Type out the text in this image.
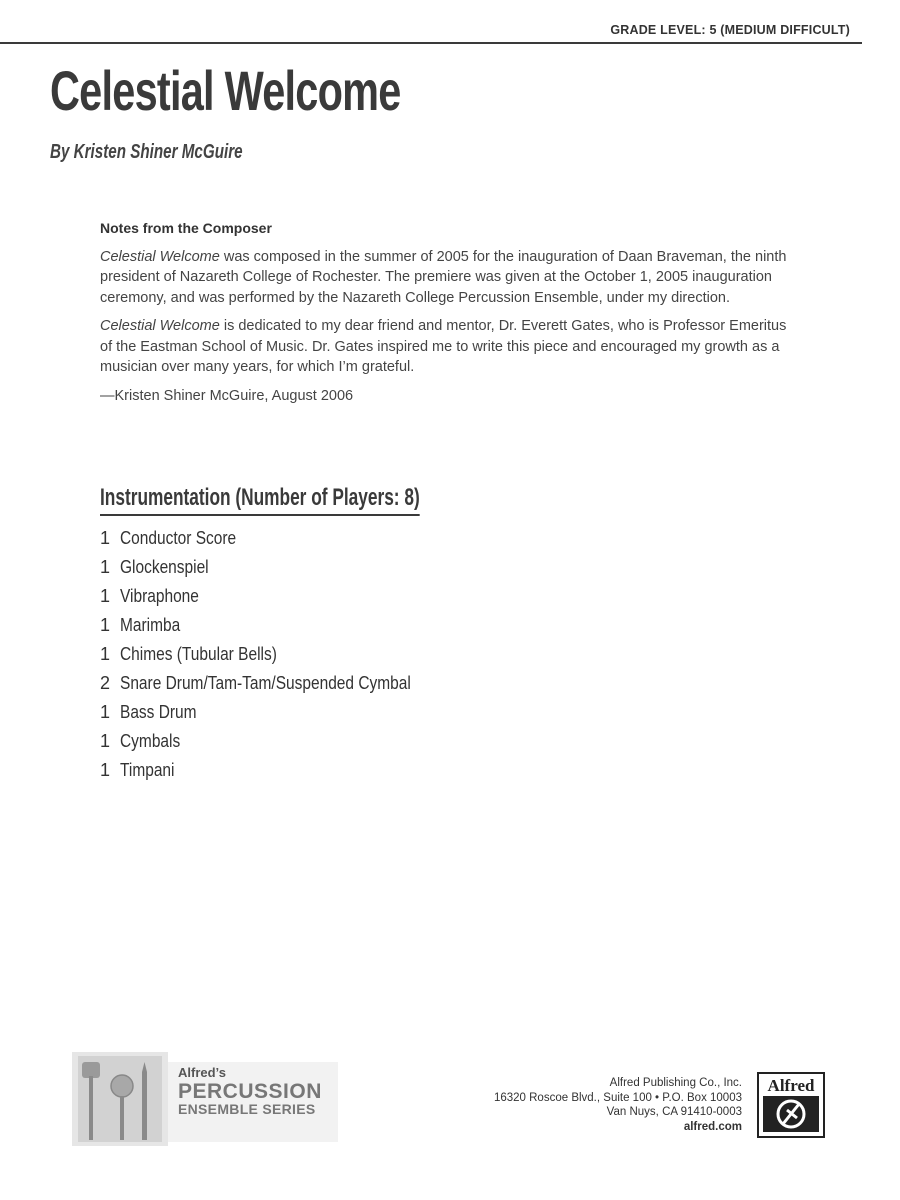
GRADE LEVEL: 5 (MEDIUM DIFFICULT)
Celestial Welcome
By Kristen Shiner McGuire
Notes from the Composer

Celestial Welcome was composed in the summer of 2005 for the inauguration of Daan Braveman, the ninth president of Nazareth College of Rochester. The premiere was given at the October 1, 2005 inauguration ceremony, and was performed by the Nazareth College Percussion Ensemble, under my direction.

Celestial Welcome is dedicated to my dear friend and mentor, Dr. Everett Gates, who is Professor Emeritus of the Eastman School of Music. Dr. Gates inspired me to write this piece and encouraged my growth as a musician over many years, for which I’m grateful.

—Kristen Shiner McGuire, August 2006

Instrumentation (Number of Players: 8)
1 Conductor Score
1 Glockenspiel
1 Vibraphone
1 Marimba
1 Chimes (Tubular Bells)
2 Snare Drum/Tam-Tam/Suspended Cymbal
1 Bass Drum
1 Cymbals
1 Timpani
Alfred’s
PERCUSSION
ENSEMBLE SERIES
Alfred Publishing Co., Inc.
16320 Roscoe Blvd., Suite 100 • P.O. Box 10003
Van Nuys, CA 91410-0003
alfred.com
Alfred
